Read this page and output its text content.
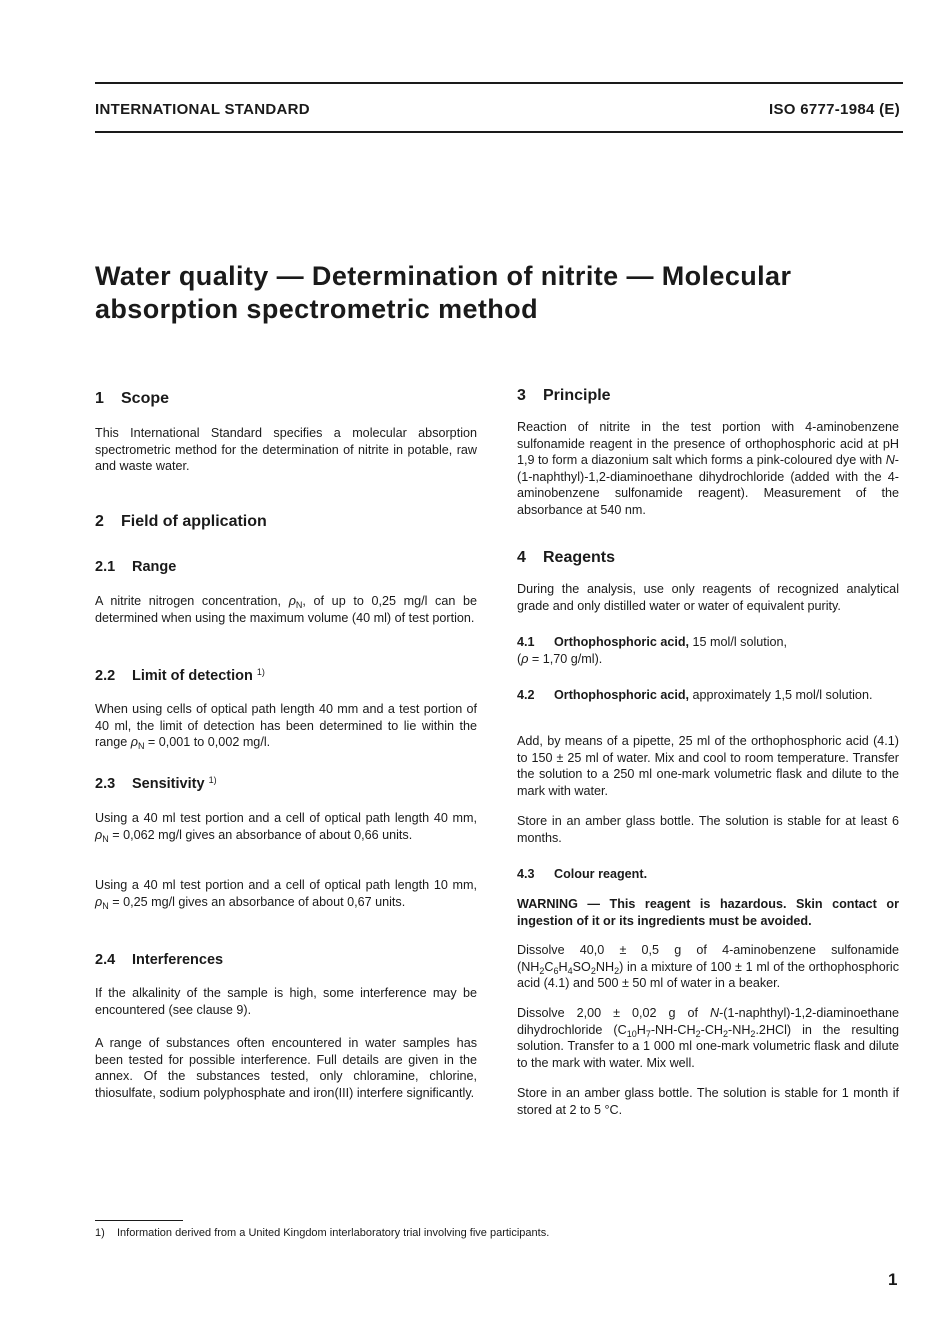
INTERNATIONAL STANDARD	ISO 6777-1984 (E)
Water quality — Determination of nitrite — Molecular
absorption spectrometric method
1 Scope
This International Standard specifies a molecular absorption spectrometric method for the determination of nitrite in potable, raw and waste water.
2 Field of application
2.1 Range
A nitrite nitrogen concentration, $\rho_N$, of up to 0,25 mg/l can be determined when using the maximum volume (40 ml) of test portion.
2.2 Limit of detection $^{1)}$
When using cells of optical path length 40 mm and a test portion of 40 ml, the limit of detection has been determined to lie within the range $\rho_N = 0,001$ to 0,002 mg/l.
2.3 Sensitivity $^{1)}$
Using a 40 ml test portion and a cell of optical path length 40 mm, $\rho_N = 0,062$ mg/l gives an absorbance of about 0,66 units.
Using a 40 ml test portion and a cell of optical path length 10 mm, $\rho_N = 0,25$ mg/l gives an absorbance of about 0,67 units.
2.4 Interferences
If the alkalinity of the sample is high, some interference may be encountered (see clause 9).
A range of substances often encountered in water samples has been tested for possible interference. Full details are given in the annex. Of the substances tested, only chloramine, chlorine, thiosulfate, sodium polyphosphate and iron(III) interfere significantly.
3 Principle
Reaction of nitrite in the test portion with 4-aminobenzene sulfonamide reagent in the presence of orthophosphoric acid at pH 1,9 to form a diazonium salt which forms a pink-coloured dye with N-(1-naphthyl)-1,2-diaminoethane dihydrochloride (added with the 4-aminobenzene sulfonamide reagent). Measurement of the absorbance at 540 nm.
4 Reagents
During the analysis, use only reagents of recognized analytical grade and only distilled water or water of equivalent purity.
4.1 Orthophosphoric acid, 15 mol/l solution,
(ρ = 1,70 g/ml).
4.2 Orthophosphoric acid, approximately 1,5 mol/l solution.
Add, by means of a pipette, 25 ml of the orthophosphoric acid (4.1) to 150 ± 25 ml of water. Mix and cool to room temperature. Transfer the solution to a 250 ml one-mark volumetric flask and dilute to the mark with water.
Store in an amber glass bottle. The solution is stable for at least 6 months.
4.3 Colour reagent.
WARNING — This reagent is hazardous. Skin contact or ingestion of it or its ingredients must be avoided.
Dissolve 40,0 ± 0,5 g of 4-aminobenzene sulfonamide $(NH_2C_6H_4SO_2NH_2)$ in a mixture of 100 ± 1 ml of the orthophosphoric acid (4.1) and 500 ± 50 ml of water in a beaker.
Dissolve 2,00 ± 0,02 g of N-(1-naphthyl)-1,2-diaminoethane dihydrochloride $(C_{10}H_7-NH-CH_2-CH_2-NH_2.2HCl)$ in the resulting solution. Transfer to a 1 000 ml one-mark volumetric flask and dilute to the mark with water. Mix well.
Store in an amber glass bottle. The solution is stable for 1 month if stored at 2 to 5 °C.
1) Information derived from a United Kingdom interlaboratory trial involving five participants.
1
